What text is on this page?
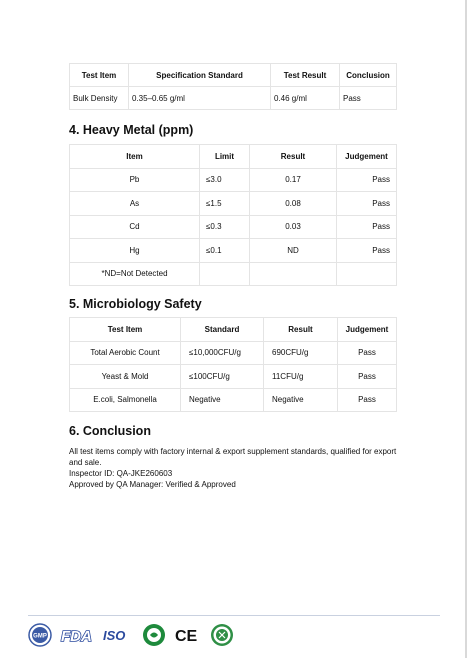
Test Item	Specification Standard	Test Result	Conclusion
Bulk Density	0.35–0.65 g/ml	0.46 g/ml	Pass
4. Heavy Metal (ppm)
Item	Limit	Result	Judgement
Pb	≤3.0	0.17	Pass
As	≤1.5	0.08	Pass
Cd	≤0.3	0.03	Pass
Hg	≤0.1	ND	Pass
*ND=Not Detected			
5. Microbiology Safety
Test Item	Standard	Result	Judgement
Total Aerobic Count	≤10,000CFU/g	690CFU/g	Pass
Yeast & Mold	≤100CFU/g	11CFU/g	Pass
E.coli, Salmonella	Negative	Negative	Pass
6. Conclusion
All test items comply with factory internal & export supplement standards, qualified for export and sale.
Inspector ID: QA-JKE260603
Approved by QA Manager: Verified & Approved
GMP FDA ISO	CE
